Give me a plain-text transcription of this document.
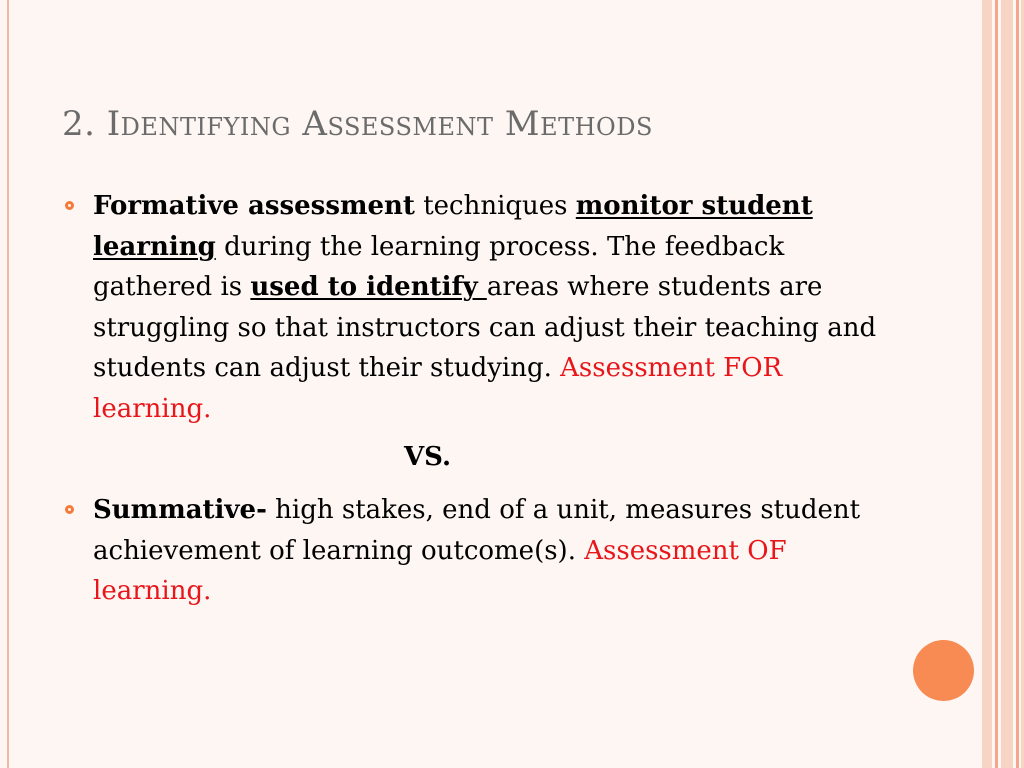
2. Identifying Assessment Methods
Formative assessment techniques monitor student learning during the learning process. The feedback gathered is used to identify areas where students are struggling so that instructors can adjust their teaching and students can adjust their studying. Assessment FOR learning.
VS.
Summative- high stakes, end of a unit, measures student achievement of learning outcome(s). Assessment OF learning.
